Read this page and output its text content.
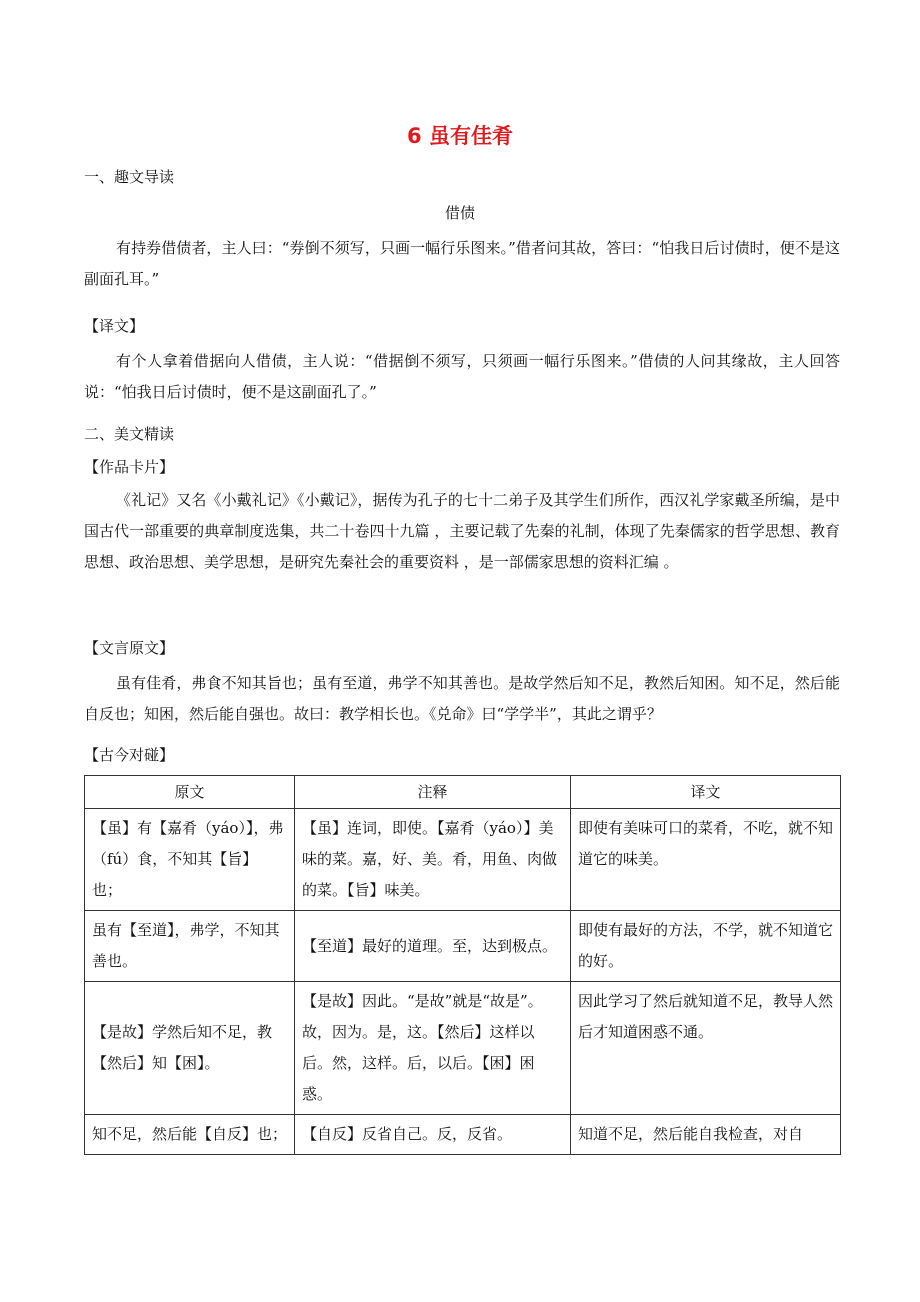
6 虽有佳肴
一、趣文导读
借债
有持券借债者，主人曰：“券倒不须写，只画一幅行乐图来。”借者问其故，答曰：“怕我日后讨债时，便不是这副面孔耳。”
【译文】
有个人拿着借据向人借债，主人说：“借据倒不须写，只须画一幅行乐图来。”借债的人问其缘故，主人回答说：“怕我日后讨债时，便不是这副面孔了。”
二、美文精读
【作品卡片】
《礼记》又名《小戴礼记》《小戴记》，据传为孔子的七十二弟子及其学生们所作，西汉礼学家戴圣所编，是中国古代一部重要的典章制度选集，共二十卷四十九篇 ，主要记载了先秦的礼制，体现了先秦儒家的哲学思想、教育思想、政治思想、美学思想，是研究先秦社会的重要资料 ，是一部儒家思想的资料汇编 。
【文言原文】
虽有佳肴，弗食不知其旨也；虽有至道，弗学不知其善也。是故学然后知不足，教然后知困。知不足，然后能自反也；知困，然后能自强也。故曰：教学相长也。《兑命》曰“学学半”，其此之谓乎？
【古今对碰】
原文	注释	译文
【虽】有【嘉肴（yáo）】，弗（fú）食，不知其【旨】也；	【虽】连词，即使。【嘉肴（yáo）】美味的菜。嘉，好、美。肴，用鱼、肉做的菜。【旨】味美。	即使有美味可口的菜肴，不吃，就不知道它的味美。
虽有【至道】，弗学，不知其善也。	【至道】最好的道理。至，达到极点。	即使有最好的方法，不学，就不知道它的好。
【是故】学然后知不足，教【然后】知【困】。	【是故】因此。“是故”就是“故是”。故，因为。是，这。【然后】这样以后。然，这样。后，以后。【困】困惑。	因此学习了然后就知道不足，教导人然后才知道困惑不通。
知不足，然后能【自反】也；	【自反】反省自己。反，反省。	知道不足，然后能自我检查，对自
